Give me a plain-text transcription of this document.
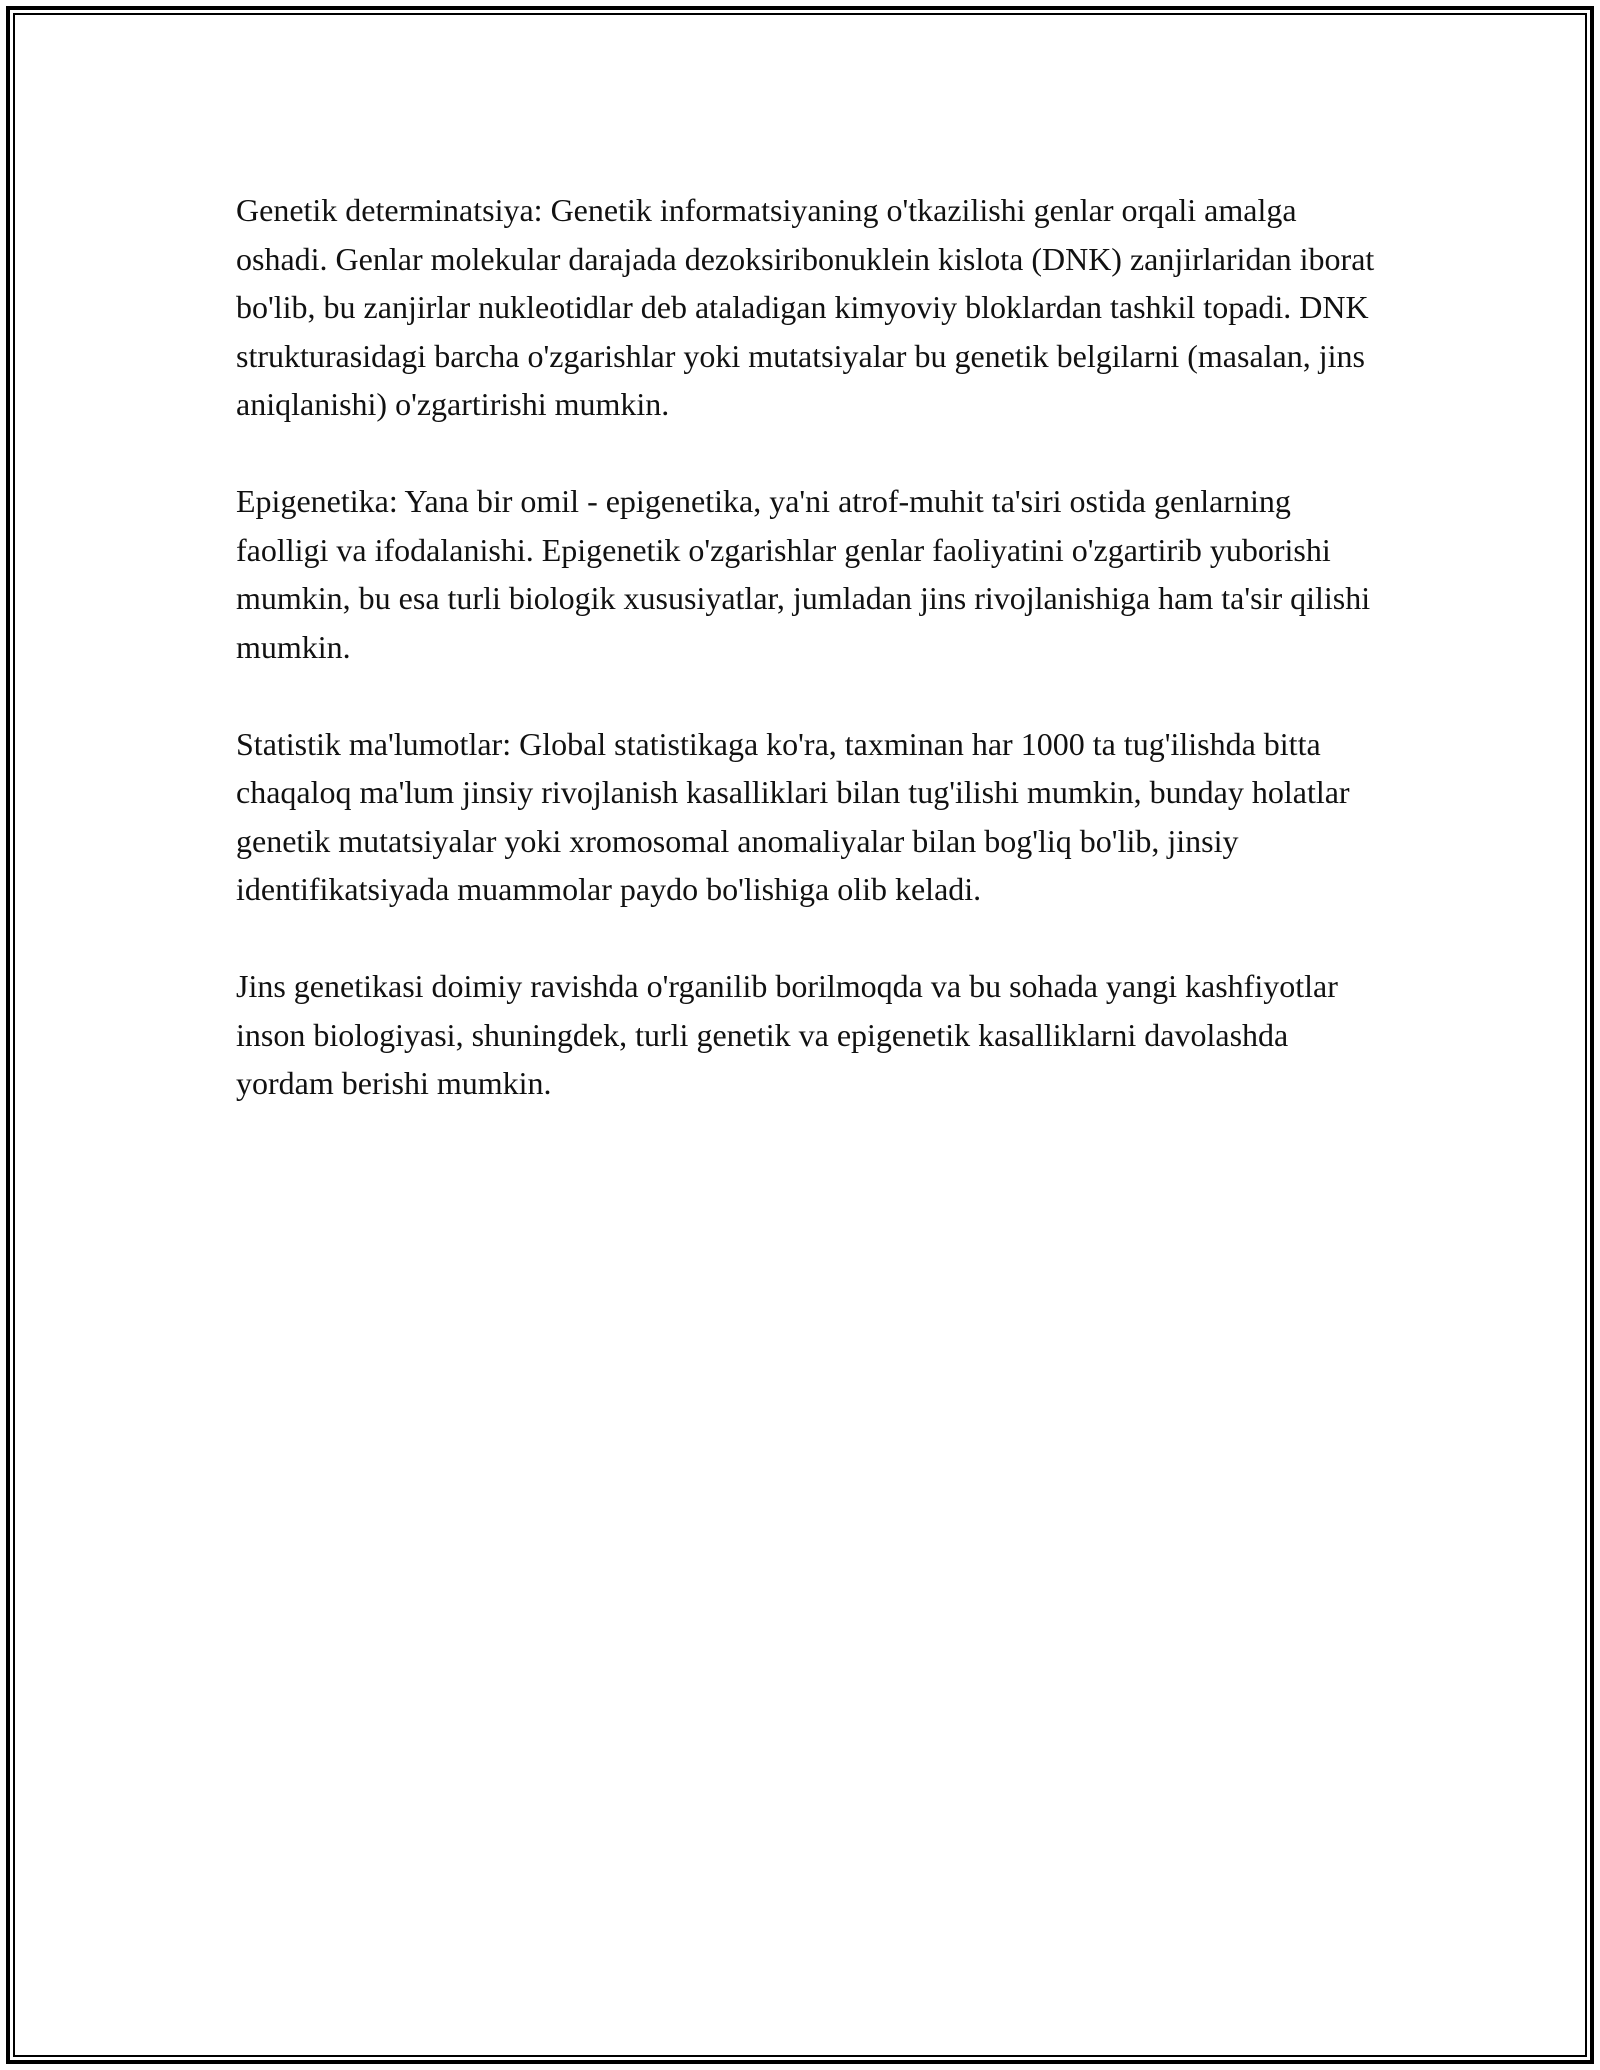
Genetik determinatsiya: Genetik informatsiyaning o'tkazilishi genlar orqali amalga oshadi. Genlar molekular darajada dezoksiribonuklein kislota (DNK) zanjirlaridan iborat bo'lib, bu zanjirlar nukleotidlar deb ataladigan kimyoviy bloklardan tashkil topadi. DNK strukturasidagi barcha o'zgarishlar yoki mutatsiyalar bu genetik belgilarni (masalan, jins aniqlanishi) o'zgartirishi mumkin.

Epigenetika: Yana bir omil - epigenetika, ya'ni atrof-muhit ta'siri ostida genlarning faolligi va ifodalanishi. Epigenetik o'zgarishlar genlar faoliyatini o'zgartirib yuborishi mumkin, bu esa turli biologik xususiyatlar, jumladan jins rivojlanishiga ham ta'sir qilishi mumkin.

Statistik ma'lumotlar: Global statistikaga ko'ra, taxminan har 1000 ta tug'ilishda bitta chaqaloq ma'lum jinsiy rivojlanish kasalliklari bilan tug'ilishi mumkin, bunday holatlar genetik mutatsiyalar yoki xromosomal anomaliyalar bilan bog'liq bo'lib, jinsiy identifikatsiyada muammolar paydo bo'lishiga olib keladi.

Jins genetikasi doimiy ravishda o'rganilib borilmoqda va bu sohada yangi kashfiyotlar inson biologiyasi, shuningdek, turli genetik va epigenetik kasalliklarni davolashda yordam berishi mumkin.
